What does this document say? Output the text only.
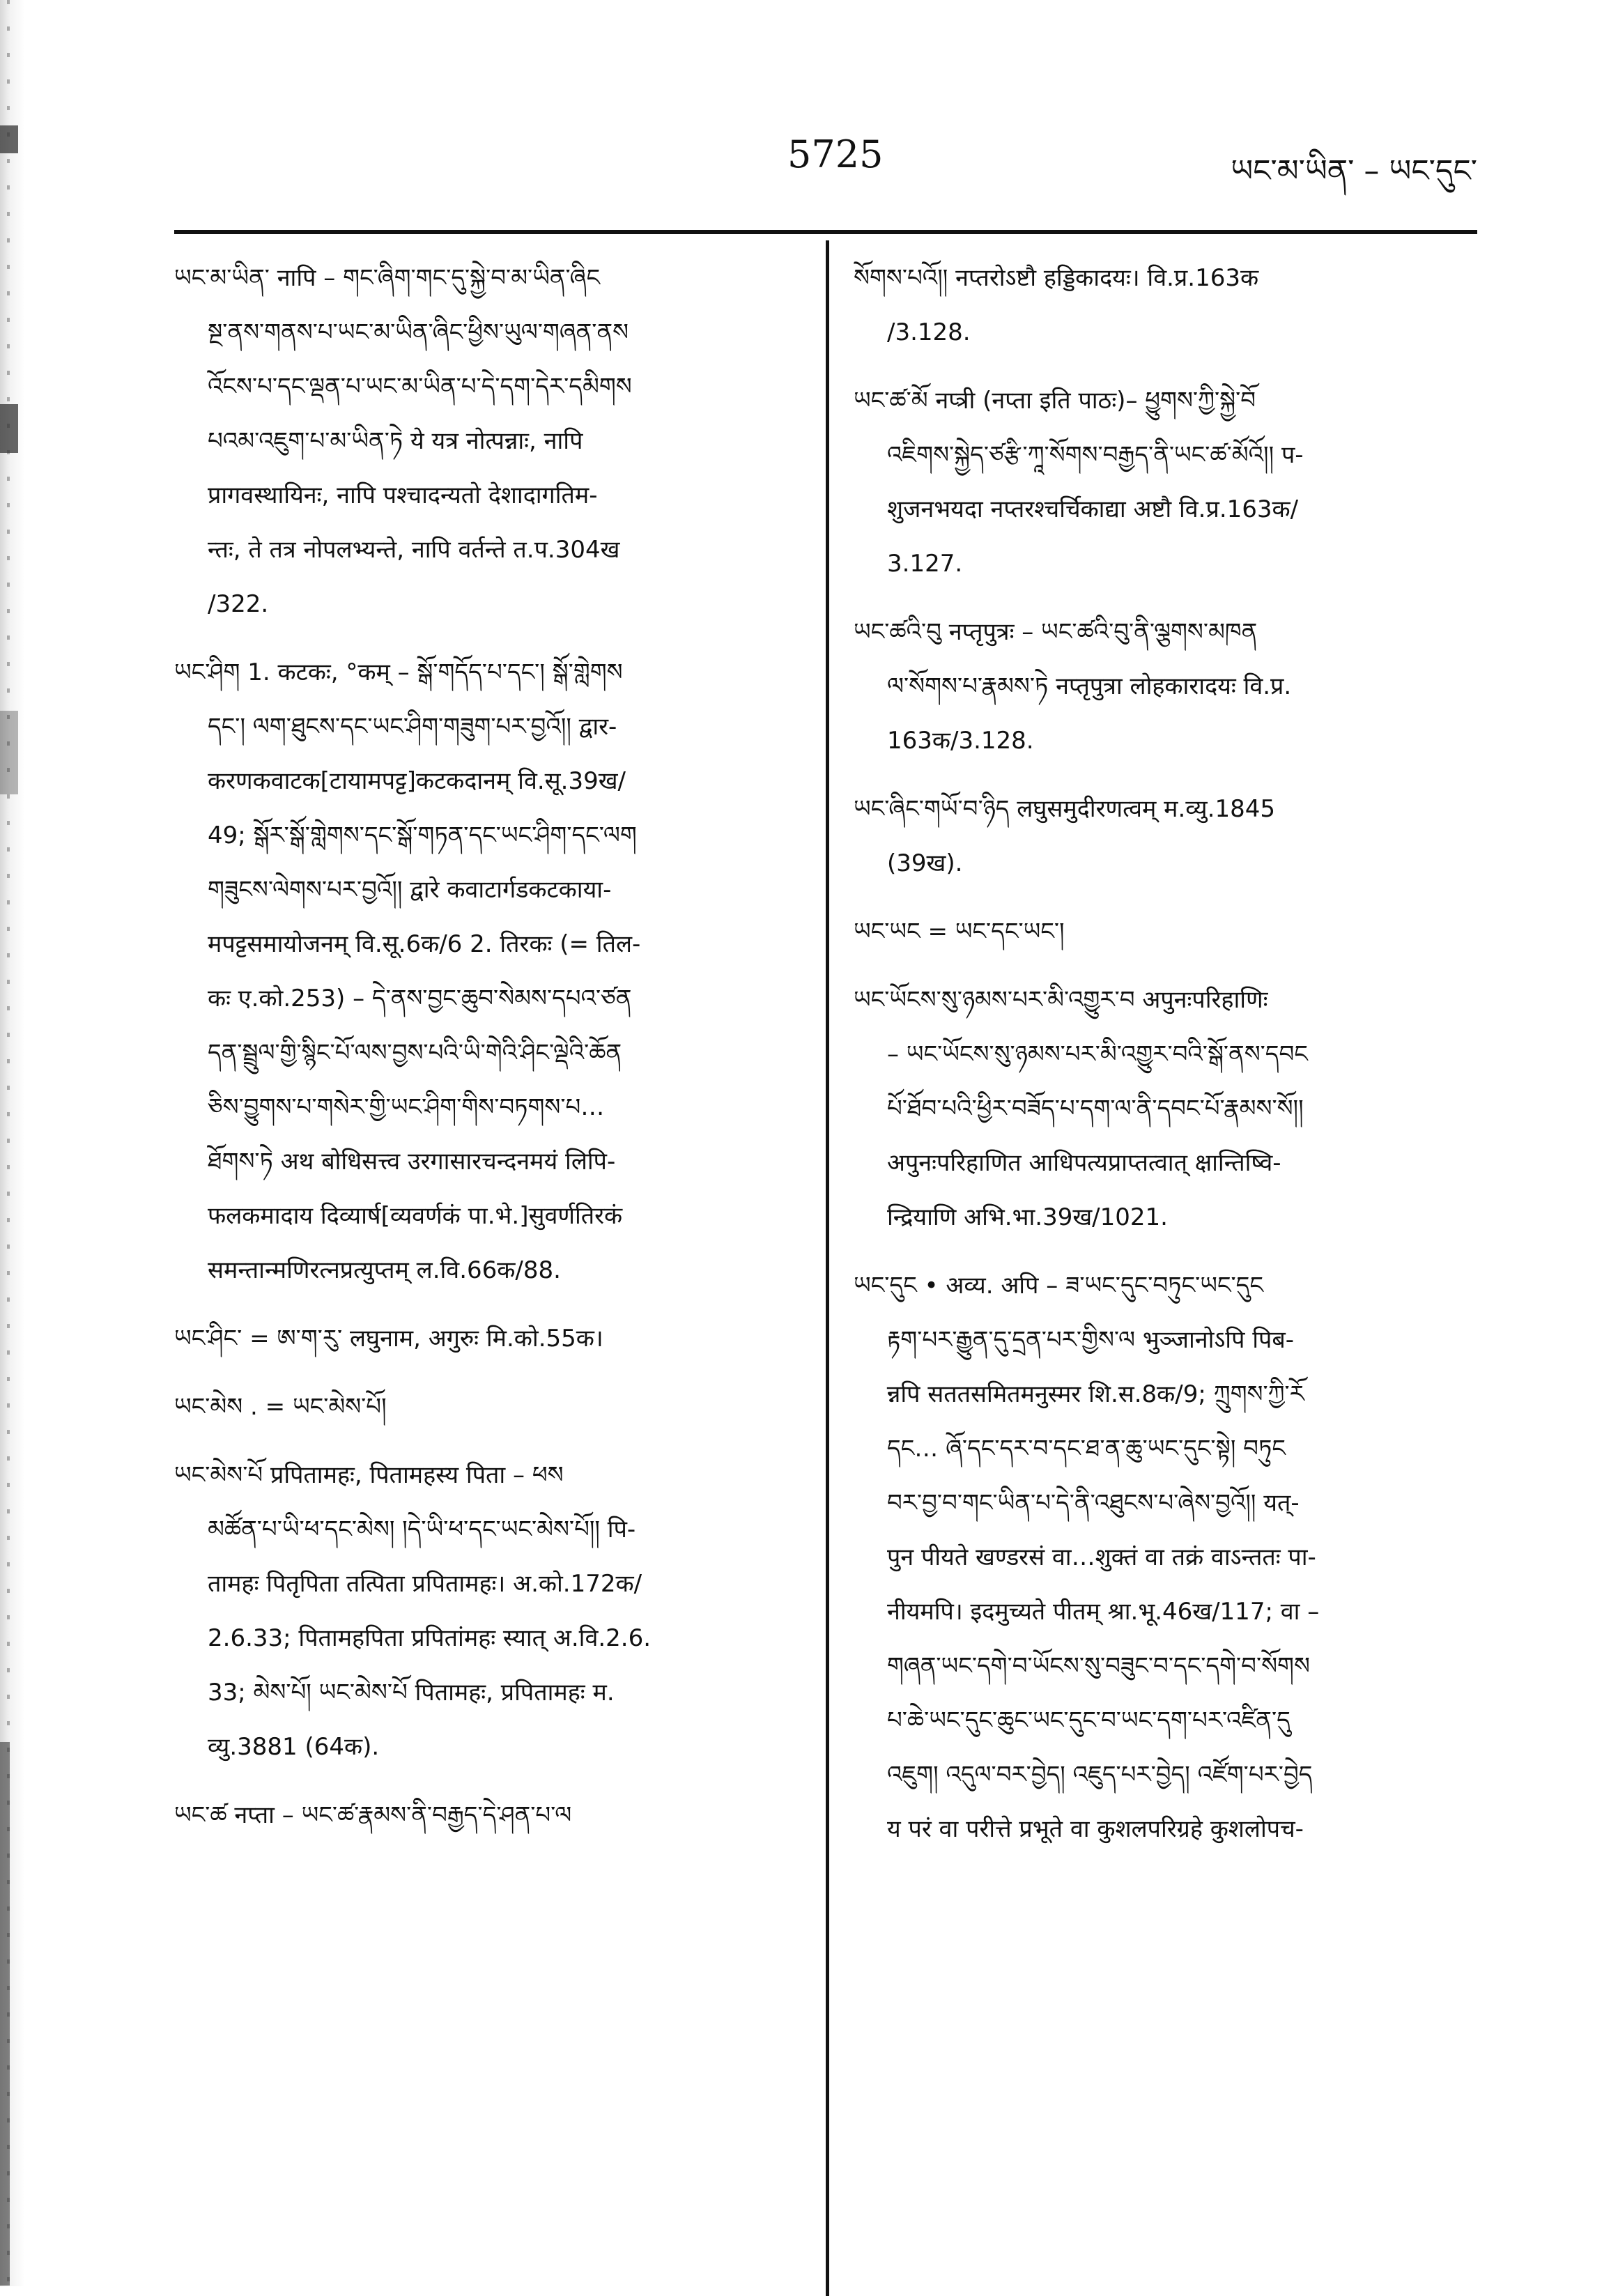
5725	ཡང་མ་ཡིན་ – ཡང་དུང་
ཡང་མ་ཡིན་ नापि – གང་ཞིག་གང་དུ་སྐྱེ་བ་མ་ཡིན་ཞིང
སྔ་ནས་གནས་པ་ཡང་མ་ཡིན་ཞིང་ཕྱིས་ཡུལ་གཞན་ནས
འོངས་པ་དང་ལྡན་པ་ཡང་མ་ཡིན་པ་དེ་དག་དེར་དམིགས
པའམ་འཇུག་པ་མ་ཡིན་ཏེ ये यत्र नोत्पन्नाः, नापि
प्रागवस्थायिनः, नापि पश्चादन्यतो देशादागतिम-
न्तः, ते तत्र नोपलभ्यन्ते, नापि वर्तन्ते त.प.304ख
/322.
ཡང་ཤིག 1. कटकः, °कम् – སྒོ་གདོད་པ་དང་། སྒོ་གླེགས
དང་། ལག་ཐུངས་དང་ཡང་ཤིག་གཟུག་པར་བྱའོ།། द्वार-
करणकवाटक[टायामपट्ट]कटकदानम् वि.सू.39ख/
49; སྒོར་སྒོ་གླེགས་དང་སྒོ་གཏན་དང་ཡང་ཤིག་དང་ལག
གཟུངས་ལེགས་པར་བྱའོ།། द्वारे कवाटार्गडकटकाया-
मपट्टसमायोजनम् वि.सू.6क/6 2. तिरकः (= तिल-
कः ए.को.253) – དེ་ནས་བྱང་ཆུབ་སེམས་དཔའ་ཙན
དན་སྦྲུལ་གྱི་སྙིང་པོ་ལས་བྱས་པའི་ཡི་གེའི་ཤིང་ལྡེའི་ཆོན
ཅིས་བྱུགས་པ་གསེར་གྱི་ཡང་ཤིག་གིས་བཏགས་པ…
ཐོགས་ཏེ अथ बोधिसत्त्व उरगासारचन्दनमयं लिपि-
फलकमादाय दिव्यार्ष[व्यवर्णकं पा.भे.]सुवर्णतिरकं
समन्तान्मणिरत्नप्रत्युप्तम् ल.वि.66क/88.
ཡང་ཤིང་ = ཨ་ག་རུ་ लघुनाम, अगुरुः मि.को.55क।
ཡང་མེས . = ཡང་མེས་པོ།
ཡང་མེས་པོ प्रपितामहः, पितामहस्य पिता – ཕས
མཚོན་པ་ཡི་ཕ་དང་མེས། །དེ་ཡི་ཕ་དང་ཡང་མེས་པོ།། पि-
तामहः पितृपिता तत्पिता प्रपितामहः। अ.को.172क/
2.6.33; पितामहपिता प्रपितांमहः स्यात् अ.वि.2.6.
33; མེས་པོ། ཡང་མེས་པོ पितामहः, प्रपितामहः म.
व्यु.3881 (64क).
ཡང་ཚ नप्ता – ཡང་ཚ་རྣམས་ནི་བརྒྱད་དེ་ཤན་པ་ལ
སོགས་པའོ།། नप्तरोऽष्टौ हड्डिकादयः। वि.प्र.163क
/3.128.
ཡང་ཚ་མོ नप्त्री (नप्ता इति पाठः)– ཕྱུགས་ཀྱི་སྐྱེ་བོ
འཇིགས་སྐྱེད་ཙརྩི་ཀཱ་སོགས་བརྒྱད་ནི་ཡང་ཚ་མོའོ།། प-
शुजनभयदा नप्तरश्चर्चिकाद्या अष्टौ वि.प्र.163क/
3.127.
ཡང་ཚའི་བུ नप्तृपुत्रः – ཡང་ཚའི་བུ་ནི་ལྕགས་མཁན
ལ་སོགས་པ་རྣམས་ཏེ नप्तृपुत्रा लोहकारादयः वि.प्र.
163क/3.128.
ཡང་ཞིང་གཡོ་བ་ཉིད लघुसमुदीरणत्वम् म.व्यु.1845
(39ख).
ཡང་ཡང = ཡང་དང་ཡང་།
ཡང་ཡོངས་སུ་ཉམས་པར་མི་འགྱུར་བ अपुनःपरिहाणिः
– ཡང་ཡོངས་སུ་ཉམས་པར་མི་འགྱུར་བའི་སྒོ་ནས་དབང
པོ་ཐོབ་པའི་ཕྱིར་བཟོད་པ་དག་ལ་ནི་དབང་པོ་རྣམས་སོ།།
अपुनःपरिहाणित आधिपत्यप्राप्तत्वात् क्षान्तिष्वि-
न्द्रियाणि अभि.भा.39ख/1021.
ཡང་དུང • अव्य. अपि – ཟ་ཡང་དུང་བཏུང་ཡང་དུང
རྟག་པར་རྒྱུན་དུ་དྲན་པར་གྱིས་ལ भुञ्जानोऽपि पिब-
न्नपि सततसमितमनुस्मर शि.स.8क/9; ཀྲུགས་ཀྱི་རོ
དང… ཞོ་དང་དར་བ་དང་ཐ་ན་ཆུ་ཡང་དུང་སྟེ། བཏུང
བར་བྱ་བ་གང་ཡིན་པ་དེ་ནི་འཐུངས་པ་ཞེས་བྱའོ།། यत्-
पुन पीयते खण्डरसं वा…शुक्तं वा तक्रं वाऽन्ततः पा-
नीयमपि। इदमुच्यते पीतम् श्रा.भू.46ख/117; वा –
གཞན་ཡང་དགེ་བ་ཡོངས་སུ་བཟུང་བ་དང་དགེ་བ་སོགས
པ་ཆེ་ཡང་དུང་ཆུང་ཡང་དུང་བ་ཡང་དག་པར་འཛིན་དུ
འཇུག། འདུལ་བར་བྱེད། འཇུད་པར་བྱེད། འཛོག་པར་བྱེད
य परं वा परीत्ते प्रभूते वा कुशलपरिग्रहे कुशलोपच-
